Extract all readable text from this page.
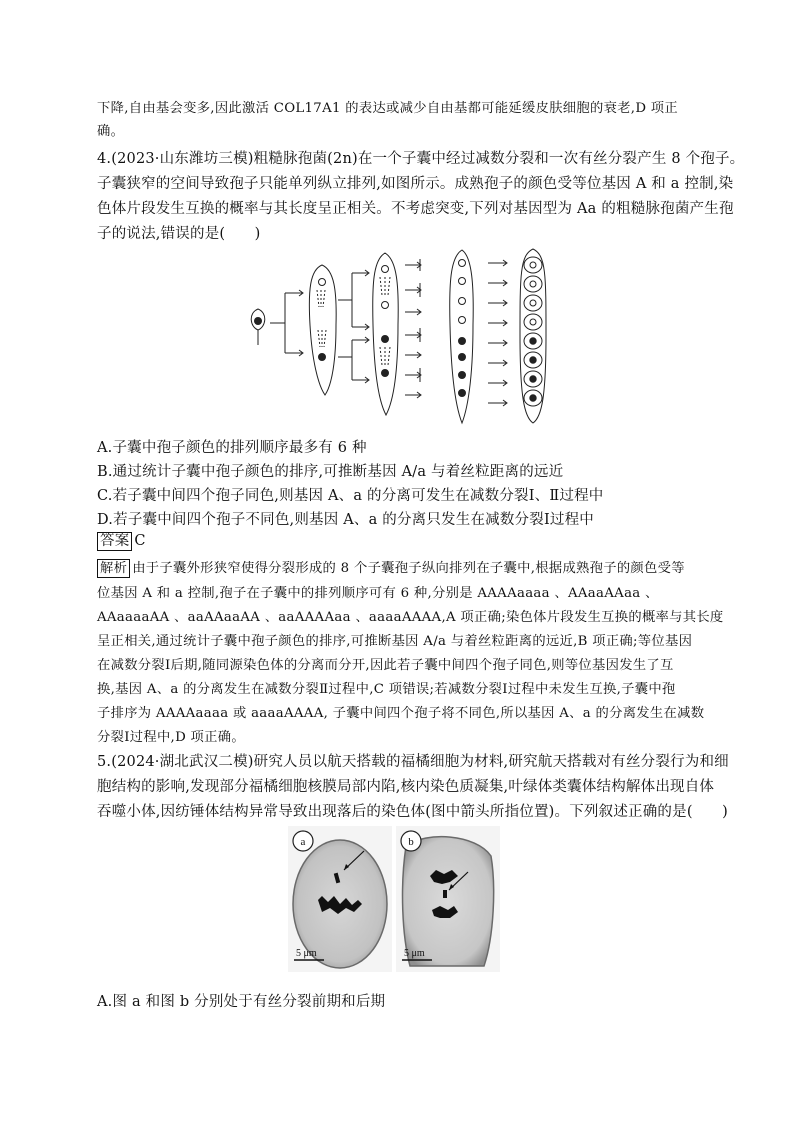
下降,自由基会变多,因此激活 COL17A1 的表达或减少自由基都可能延缓皮肤细胞的衰老,D 项正
确。
4.(2023·山东潍坊三模)粗糙脉孢菌(2n)在一个子囊中经过减数分裂和一次有丝分裂产生 8 个孢子。
子囊狭窄的空间导致孢子只能单列纵立排列,如图所示。成熟孢子的颜色受等位基因 A 和 a 控制,染
色体片段发生互换的概率与其长度呈正相关。不考虑突变,下列对基因型为 Aa 的粗糙脉孢菌产生孢
子的说法,错误的是(　　)
A.子囊中孢子颜色的排列顺序最多有 6 种
B.通过统计子囊中孢子颜色的排序,可推断基因 A/a 与着丝粒距离的远近
C.若子囊中间四个孢子同色,则基因 A、a 的分离可发生在减数分裂Ⅰ、Ⅱ过程中
D.若子囊中间四个孢子不同色,则基因 A、a 的分离只发生在减数分裂Ⅰ过程中
答案 C
解析 由于子囊外形狭窄使得分裂形成的 8 个子囊孢子纵向排列在子囊中,根据成熟孢子的颜色受等
位基因 A 和 a 控制,孢子在子囊中的排列顺序可有 6 种,分别是 AAAAaaaa 、AAaaAAaa 、
AAaaaaAA 、aaAAaaAA 、aaAAAAaa 、aaaaAAAA,A 项正确;染色体片段发生互换的概率与其长度
呈正相关,通过统计子囊中孢子颜色的排序,可推断基因 A/a 与着丝粒距离的远近,B 项正确;等位基因
在减数分裂Ⅰ后期,随同源染色体的分离而分开,因此若子囊中间四个孢子同色,则等位基因发生了互
换,基因 A、a 的分离发生在减数分裂Ⅱ过程中,C 项错误;若减数分裂Ⅰ过程中未发生互换,子囊中孢
子排序为 AAAAaaaa 或 aaaaAAAA, 子囊中间四个孢子将不同色,所以基因 A、a 的分离发生在减数
分裂Ⅰ过程中,D 项正确。
5.(2024·湖北武汉二模)研究人员以航天搭载的福橘细胞为材料,研究航天搭载对有丝分裂行为和细
胞结构的影响,发现部分福橘细胞核膜局部内陷,核内染色质凝集,叶绿体类囊体结构解体出现自体
吞噬小体,因纺锤体结构异常导致出现落后的染色体(图中箭头所指位置)。下列叙述正确的是(　　)
a
5 μm
b
5 μm
A.图 a 和图 b 分别处于有丝分裂前期和后期
